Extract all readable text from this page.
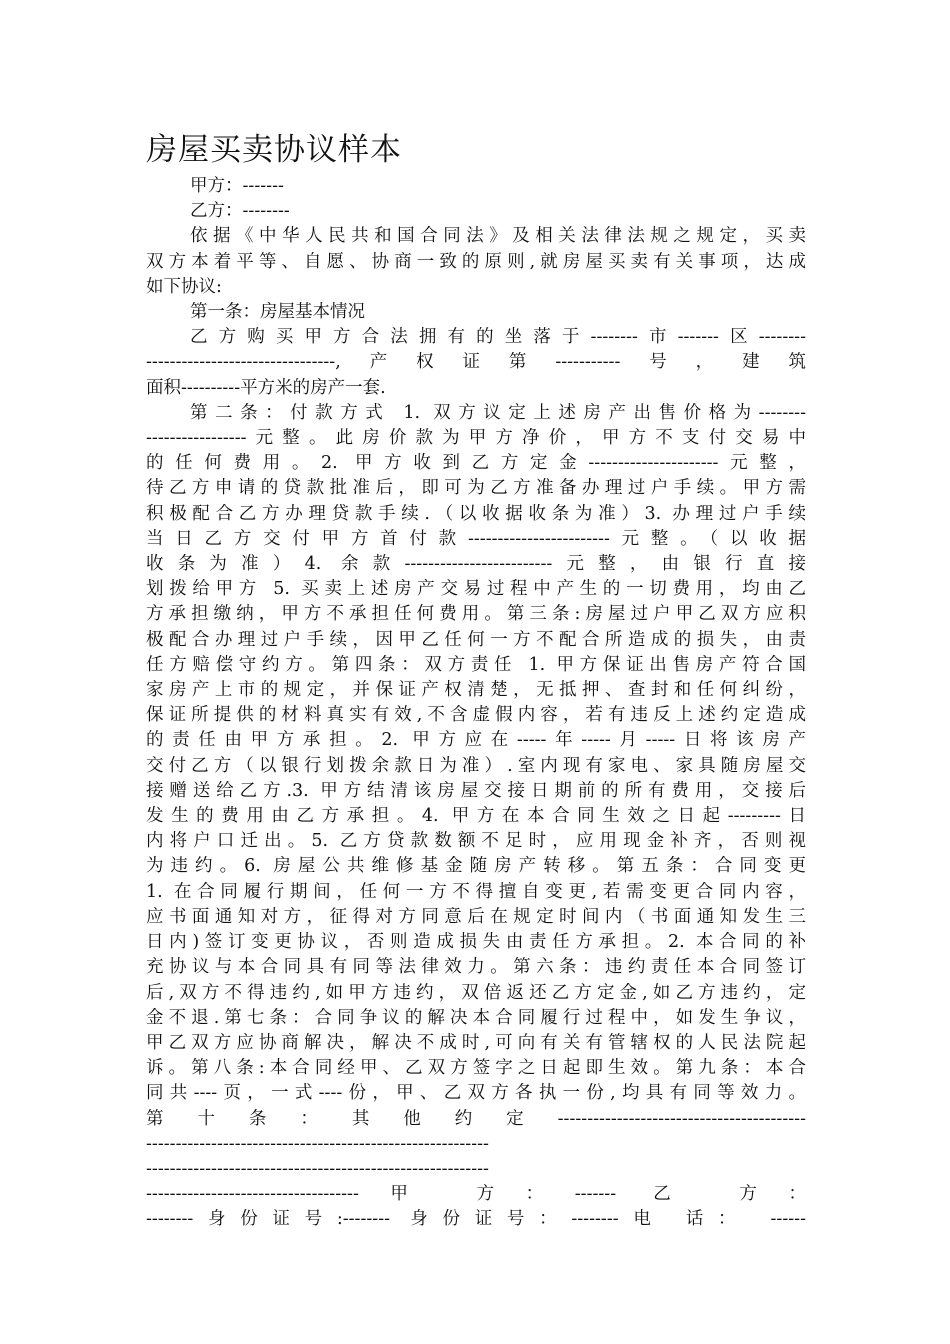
房屋买卖协议样本
甲方：-------
乙方：--------
依据《中华人民共和国合同法》及相关法律法规之规定，买卖
双方本着平等、自愿、协商一致的原则,就房屋买卖有关事项，达成
如下协议:
第一条：房屋基本情况
乙方购买甲方合法拥有的坐落于--------市-------区--------
--------------------------------,产权证第-----------号，建筑
面积----------平方米的房产一套.
第二条：付款方式 1. 双方议定上述房产出售价格为--------
-----------------元整。此房价款为甲方净价，甲方不支付交易中
的任何费用。2. 甲方收到乙方定金----------------------元整，
待乙方申请的贷款批准后，即可为乙方准备办理过户手续。甲方需
积极配合乙方办理贷款手续.（以收据收条为准）3. 办理过户手续
当日乙方交付甲方首付款------------------------元整。（以收据
收条为准）4. 余款-------------------------元整，由银行直接
划拨给甲方 5. 买卖上述房产交易过程中产生的一切费用，均由乙
方承担缴纳，甲方不承担任何费用。第三条:房屋过户甲乙双方应积
极配合办理过户手续，因甲乙任何一方不配合所造成的损失，由责
任方赔偿守约方。第四条：双方责任 1. 甲方保证出售房产符合国
家房产上市的规定，并保证产权清楚，无抵押、查封和任何纠纷，
保证所提供的材料真实有效,不含虚假内容，若有违反上述约定造成
的责任由甲方承担。2. 甲方应在-----年-----月-----日将该房产
交付乙方（以银行划拨余款日为准）.室内现有家电、家具随房屋交
接赠送给乙方.3. 甲方结清该房屋交接日期前的所有费用，交接后
发生的费用由乙方承担。4. 甲方在本合同生效之日起---------日
内将户口迁出。5. 乙方贷款数额不足时，应用现金补齐，否则视
为违约。6. 房屋公共维修基金随房产转移。第五条：合同变更
1. 在合同履行期间，任何一方不得擅自变更,若需变更合同内容，
应书面通知对方，征得对方同意后在规定时间内（书面通知发生三
日内)签订变更协议，否则造成损失由责任方承担。2. 本合同的补
充协议与本合同具有同等法律效力。第六条：违约责任本合同签订
后,双方不得违约,如甲方违约，双倍返还乙方定金,如乙方违约，定
金不退.第七条：合同争议的解决本合同履行过程中，如发生争议，
甲乙双方应协商解决，解决不成时,可向有关有管辖权的人民法院起
诉。第八条:本合同经甲、乙双方签字之日起即生效。第九条：本合
同共----页，一式----份，甲、乙双方各执一份,均具有同等效力。
第十条：其他约定------------------------------------------
----------------------------------------------------------
----------------------------------------------------------
------------------------------------甲 方：------- 乙 方：
--------身份证号:-------- 身份证号：--------电 话： ------
